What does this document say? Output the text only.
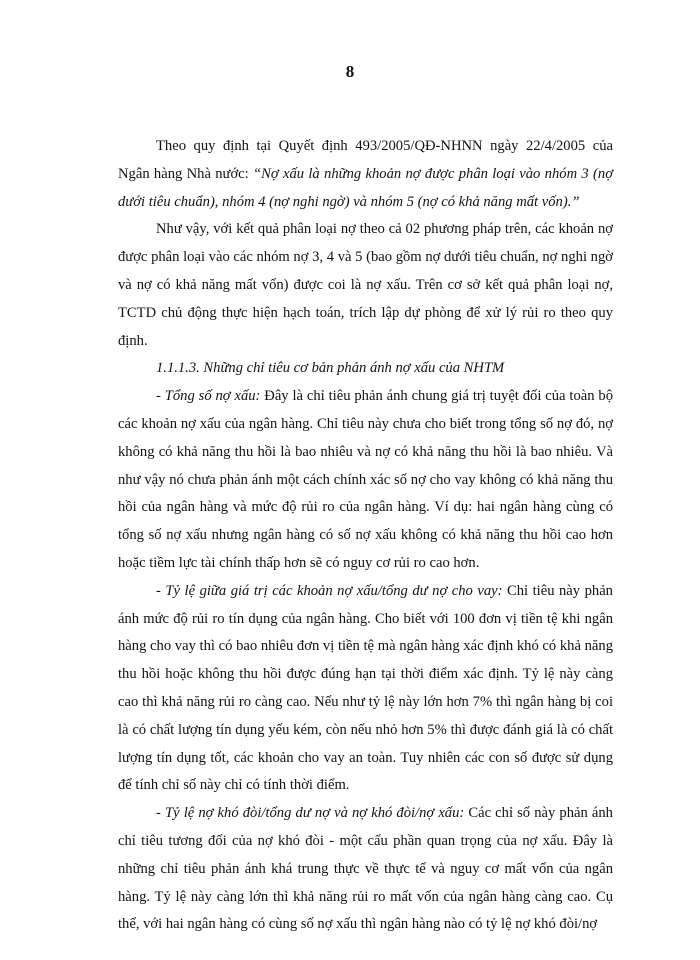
8

Theo quy định tại Quyết định 493/2005/QĐ-NHNN ngày 22/4/2005 của Ngân hàng Nhà nước: “Nợ xấu là những khoản nợ được phân loại vào nhóm 3 (nợ dưới tiêu chuẩn), nhóm 4 (nợ nghi ngờ) và nhóm 5 (nợ có khả năng mất vốn).”

Như vậy, với kết quả phân loại nợ theo cả 02 phương pháp trên, các khoản nợ được phân loại vào các nhóm nợ 3, 4 và 5 (bao gồm nợ dưới tiêu chuẩn, nợ nghi ngờ và nợ có khả năng mất vốn) được coi là nợ xấu. Trên cơ sở kết quả phân loại nợ, TCTD chủ động thực hiện hạch toán, trích lập dự phòng để xử lý rủi ro theo quy định.

1.1.1.3. Những chỉ tiêu cơ bản phản ánh nợ xấu của NHTM

- Tổng số nợ xấu: Đây là chỉ tiêu phản ánh chung giá trị tuyệt đối của toàn bộ các khoản nợ xấu của ngân hàng. Chỉ tiêu này chưa cho biết trong tổng số nợ đó, nợ không có khả năng thu hồi là bao nhiêu và nợ có khả năng thu hồi là bao nhiêu. Và như vậy nó chưa phản ánh một cách chính xác số nợ cho vay không có khả năng thu hồi của ngân hàng và mức độ rủi ro của ngân hàng. Ví dụ: hai ngân hàng cùng có tổng số nợ xấu nhưng ngân hàng có số nợ xấu không có khả năng thu hồi cao hơn hoặc tiềm lực tài chính thấp hơn sẽ có nguy cơ rủi ro cao hơn.

- Tỷ lệ giữa giá trị các khoản nợ xấu/tổng dư nợ cho vay: Chỉ tiêu này phản ánh mức độ rủi ro tín dụng của ngân hàng. Cho biết với 100 đơn vị tiền tệ khi ngân hàng cho vay thì có bao nhiêu đơn vị tiền tệ mà ngân hàng xác định khó có khả năng thu hồi hoặc không thu hồi được đúng hạn tại thời điểm xác định. Tỷ lệ này càng cao thì khả năng rủi ro càng cao. Nếu như tỷ lệ này lớn hơn 7% thì ngân hàng bị coi là có chất lượng tín dụng yếu kém, còn nếu nhỏ hơn 5% thì được đánh giá là có chất lượng tín dụng tốt, các khoản cho vay an toàn. Tuy nhiên các con số được sử dụng để tính chỉ số này chỉ có tính thời điểm.

- Tỷ lệ nợ khó đòi/tổng dư nợ và nợ khó đòi/nợ xấu: Các chỉ số này phản ánh chỉ tiêu tương đối của nợ khó đòi - một cấu phần quan trọng của nợ xấu. Đây là những chỉ tiêu phản ánh khá trung thực về thực tế và nguy cơ mất vốn của ngân hàng. Tỷ lệ này càng lớn thì khả năng rủi ro mất vốn của ngân hàng càng cao. Cụ thể, với hai ngân hàng có cùng số nợ xấu thì ngân hàng nào có tỷ lệ nợ khó đòi/nợ
